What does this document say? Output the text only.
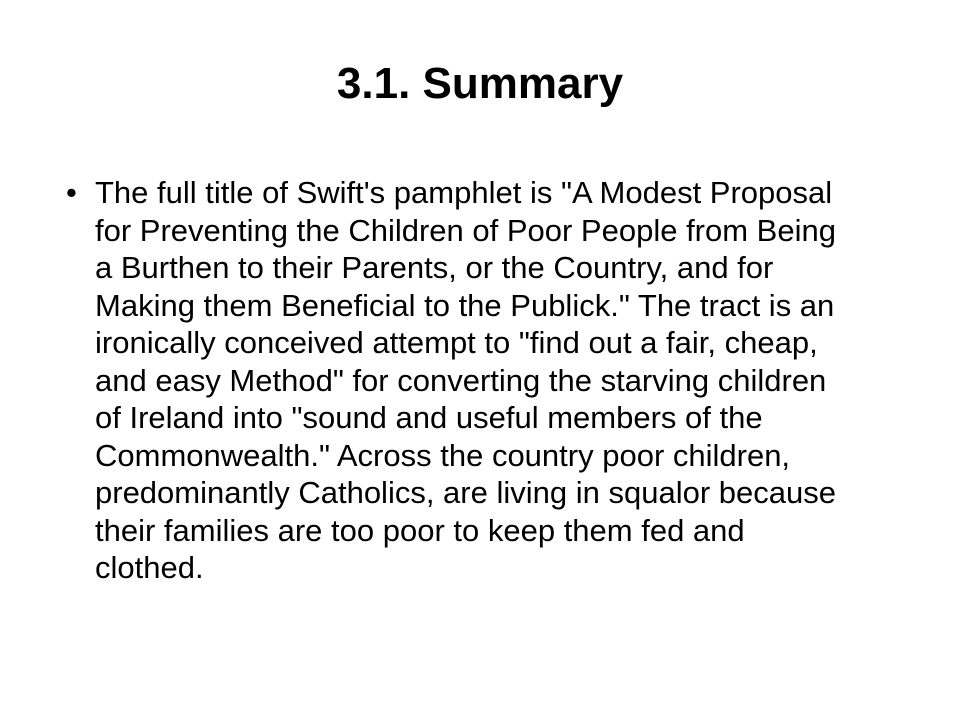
3.1. Summary
• The full title of Swift's pamphlet is "A Modest Proposal for Preventing the Children of Poor People from Being a Burthen to their Parents, or the Country, and for Making them Beneficial to the Publick." The tract is an ironically conceived attempt to "find out a fair, cheap, and easy Method" for converting the starving children of Ireland into "sound and useful members of the Commonwealth." Across the country poor children, predominantly Catholics, are living in squalor because their families are too poor to keep them fed and clothed.
